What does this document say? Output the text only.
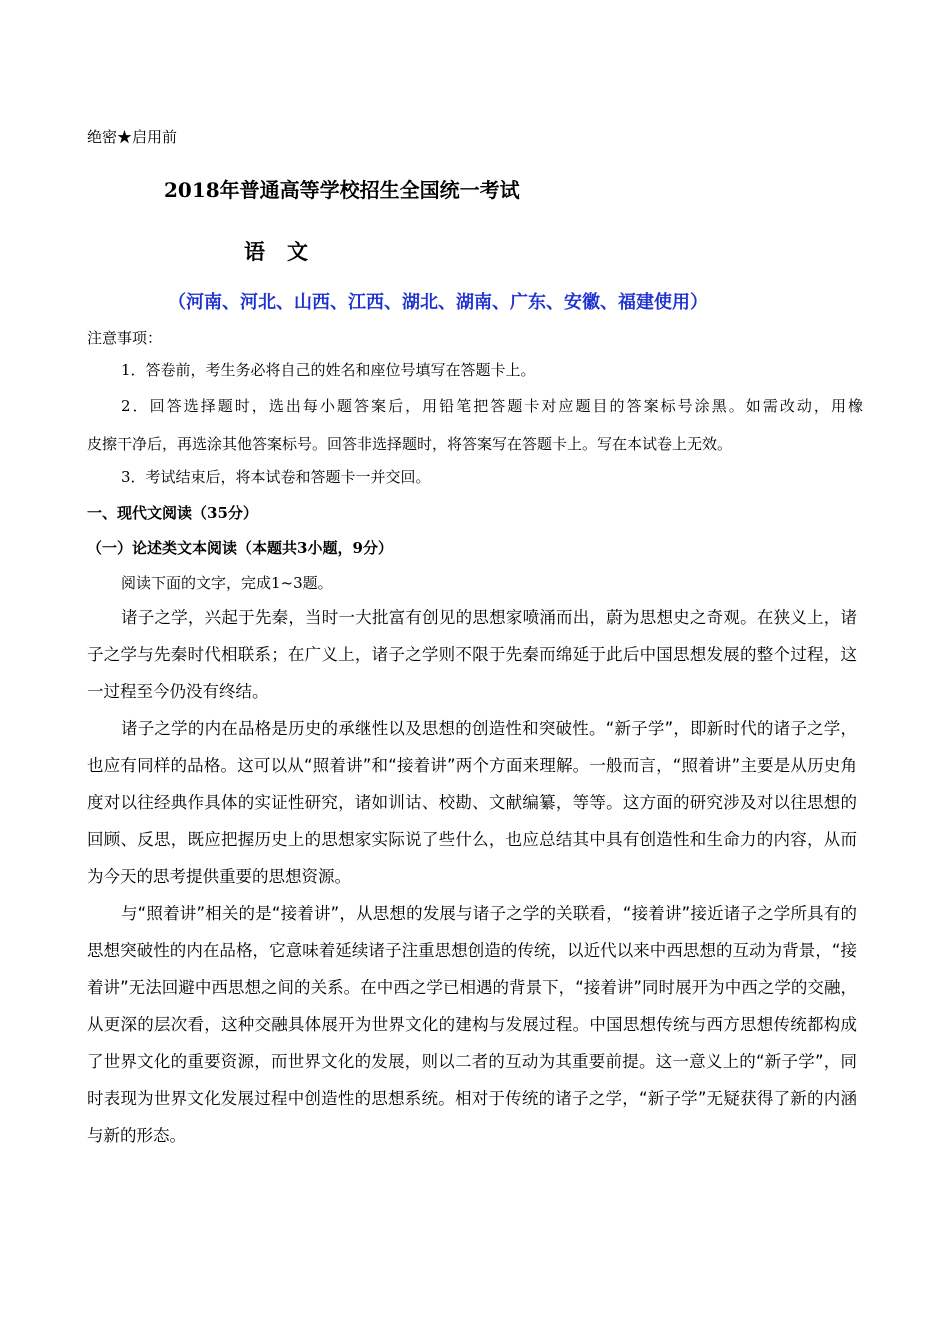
绝密★启用前
2018年普通高等学校招生全国统一考试
语文
（河南、河北、山西、江西、湖北、湖南、广东、安徽、福建使用）
注意事项：
1．答卷前，考生务必将自己的姓名和座位号填写在答题卡上。
2．回答选择题时，选出每小题答案后，用铅笔把答题卡对应题目的答案标号涂黑。如需改动，用橡
皮擦干净后，再选涂其他答案标号。回答非选择题时，将答案写在答题卡上。写在本试卷上无效。
3．考试结束后，将本试卷和答题卡一并交回。
一、现代文阅读（35分）
（一）论述类文本阅读（本题共3小题，9分）
阅读下面的文字，完成1~3题。
诸子之学，兴起于先秦，当时一大批富有创见的思想家喷涌而出，蔚为思想史之奇观。在狭义上，诸子之学与先秦时代相联系；在广义上，诸子之学则不限于先秦而绵延于此后中国思想发展的整个过程，这一过程至今仍没有终结。
诸子之学的内在品格是历史的承继性以及思想的创造性和突破性。“新子学”，即新时代的诸子之学，也应有同样的品格。这可以从“照着讲”和“接着讲”两个方面来理解。一般而言，“照着讲”主要是从历史角度对以往经典作具体的实证性研究，诸如训诂、校勘、文献编纂，等等。这方面的研究涉及对以往思想的回顾、反思，既应把握历史上的思想家实际说了些什么，也应总结其中具有创造性和生命力的内容，从而为今天的思考提供重要的思想资源。
与“照着讲”相关的是“接着讲”，从思想的发展与诸子之学的关联看，“接着讲”接近诸子之学所具有的思想突破性的内在品格，它意味着延续诸子注重思想创造的传统，以近代以来中西思想的互动为背景，“接着讲”无法回避中西思想之间的关系。在中西之学已相遇的背景下，“接着讲”同时展开为中西之学的交融，从更深的层次看，这种交融具体展开为世界文化的建构与发展过程。中国思想传统与西方思想传统都构成了世界文化的重要资源，而世界文化的发展，则以二者的互动为其重要前提。这一意义上的“新子学”，同时表现为世界文化发展过程中创造性的思想系统。相对于传统的诸子之学，“新子学”无疑获得了新的内涵与新的形态。
